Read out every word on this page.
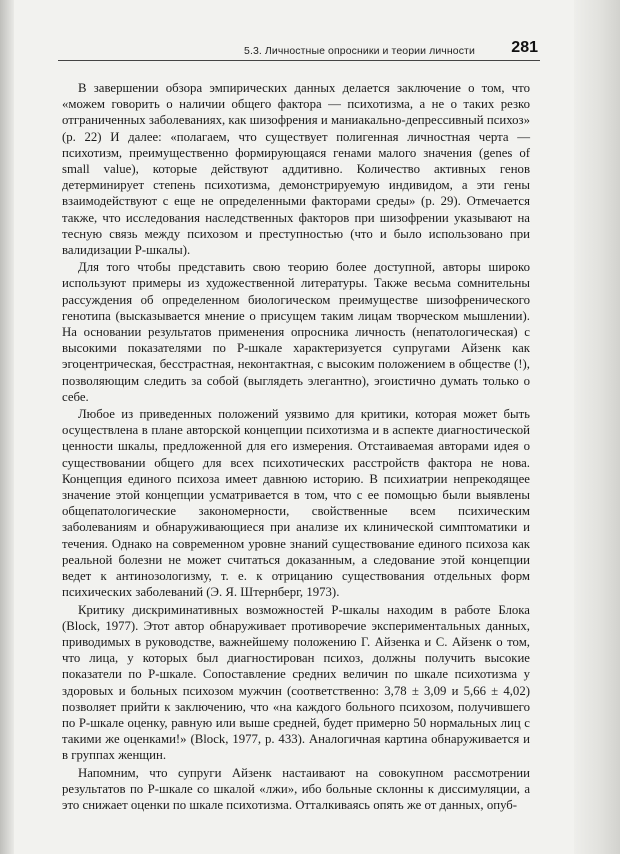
5.3. Личностные опросники и теории личности 281

В завершении обзора эмпирических данных делается заключение о том, что «можем говорить о наличии общего фактора — психотизма, а не о таких резко отграниченных заболеваниях, как шизофрения и маниакально-депрессивный психоз» (р. 22) И далее: «полагаем, что существует полигенная личностная черта — психотизм, преимущественно формирующаяся генами малого значения (genes of small value), которые действуют аддитивно. Количество активных генов детерминирует степень психотизма, демонстрируемую индивидом, а эти гены взаимодействуют с еще не определенными факторами среды» (р. 29). Отмечается также, что исследования наследственных факторов при шизофрении указывают на тесную связь между психозом и преступностью (что и было использовано при валидизации Р-шкалы).

Для того чтобы представить свою теорию более доступной, авторы широко используют примеры из художественной литературы. Также весьма сомнительны рассуждения об определенном биологическом преимуществе шизофренического генотипа (высказывается мнение о присущем таким лицам творческом мышлении). На основании результатов применения опросника личность (непатологическая) с высокими показателями по Р-шкале характеризуется супругами Айзенк как эгоцентрическая, бесстрастная, неконтактная, с высоким положением в обществе (!), позволяющим следить за собой (выглядеть элегантно), эгоистично думать только о себе.

Любое из приведенных положений уязвимо для критики, которая может быть осуществлена в плане авторской концепции психотизма и в аспекте диагностической ценности шкалы, предложенной для его измерения. Отстаиваемая авторами идея о существовании общего для всех психотических расстройств фактора не нова. Концепция единого психоза имеет давнюю историю. В психиатрии непрекодящее значение этой концепции усматривается в том, что с ее помощью были выявлены общепатологические закономерности, свойственные всем психическим заболеваниям и обнаруживающиеся при анализе их клинической симптоматики и течения. Однако на современном уровне знаний существование единого психоза как реальной болезни не может считаться доказанным, а следование этой концепции ведет к антинозологизму, т. е. к отрицанию существования отдельных форм психических заболеваний (Э. Я. Штернберг, 1973).

Критику дискриминативных возможностей Р-шкалы находим в работе Блока (Block, 1977). Этот автор обнаруживает противоречие экспериментальных данных, приводимых в руководстве, важнейшему положению Г. Айзенка и С. Айзенк о том, что лица, у которых был диагностирован психоз, должны получить высокие показатели по Р-шкале. Сопоставление средних величин по шкале психотизма у здоровых и больных психозом мужчин (соответственно: 3,78 ± 3,09 и 5,66 ± 4,02) позволяет прийти к заключению, что «на каждого больного психозом, получившего по Р-шкале оценку, равную или выше средней, будет примерно 50 нормальных лиц с такими же оценками!» (Block, 1977, р. 433). Аналогичная картина обнаруживается и в группах женщин.

Напомним, что супруги Айзенк настаивают на совокупном рассмотрении результатов по Р-шкале со шкалой «лжи», ибо больные склонны к диссимуляции, а это снижает оценки по шкале психотизма. Отталкиваясь опять же от данных, опуб-
